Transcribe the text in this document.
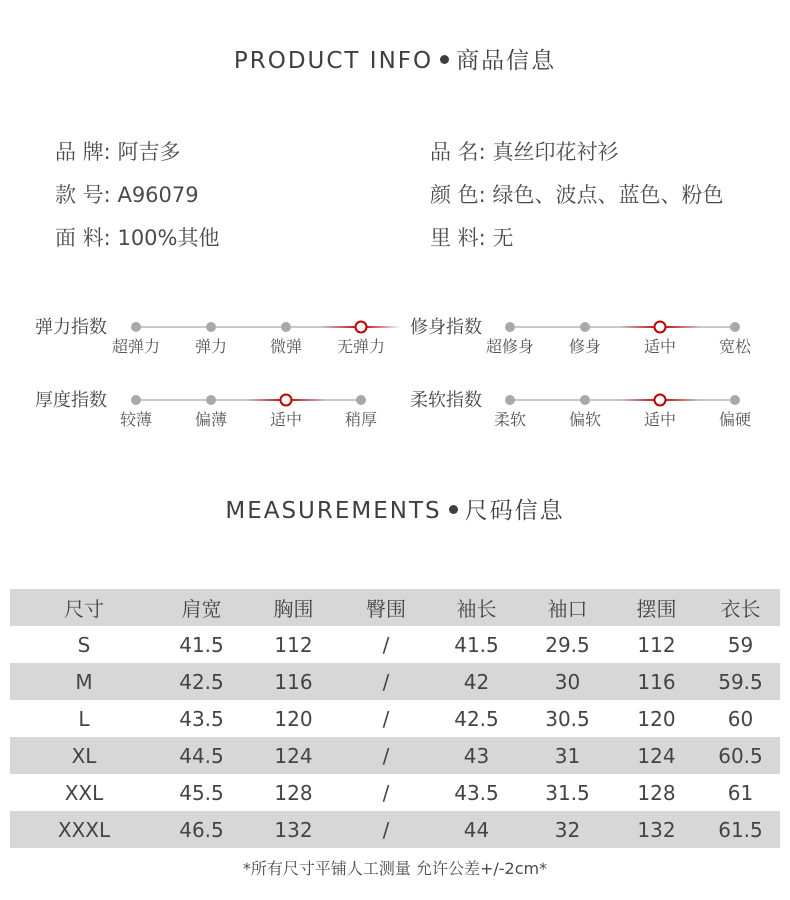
PRODUCT INFO 商品信息
品 牌: 阿吉多	品 名: 真丝印花衬衫
款 号: A96079	颜 色: 绿色、波点、蓝色、粉色
面 料: 100%其他	里 料: 无
弹力指数
超弹力 弹力	微弹 无弹力
修身指数
超修身 修身	适中	宽松
厚度指数
较薄	偏薄	适中	稍厚
柔软指数
柔软	偏软	适中	偏硬
MEASUREMENTS 尺码信息
尺寸	肩宽	胸围	臀围	袖长	袖口	摆围	衣长
S	41.5	112	/	41.5	29.5	112	59
M	42.5	116	/	42	30	116	59.5
L	43.5	120	/	42.5	30.5	120	60
XL	44.5	124	/	43	31	124	60.5
XXL	45.5	128	/	43.5	31.5	128	61
XXXL	46.5	132	/	44	32	132	61.5
*所有尺寸平铺人工测量 允许公差+/-2cm*
